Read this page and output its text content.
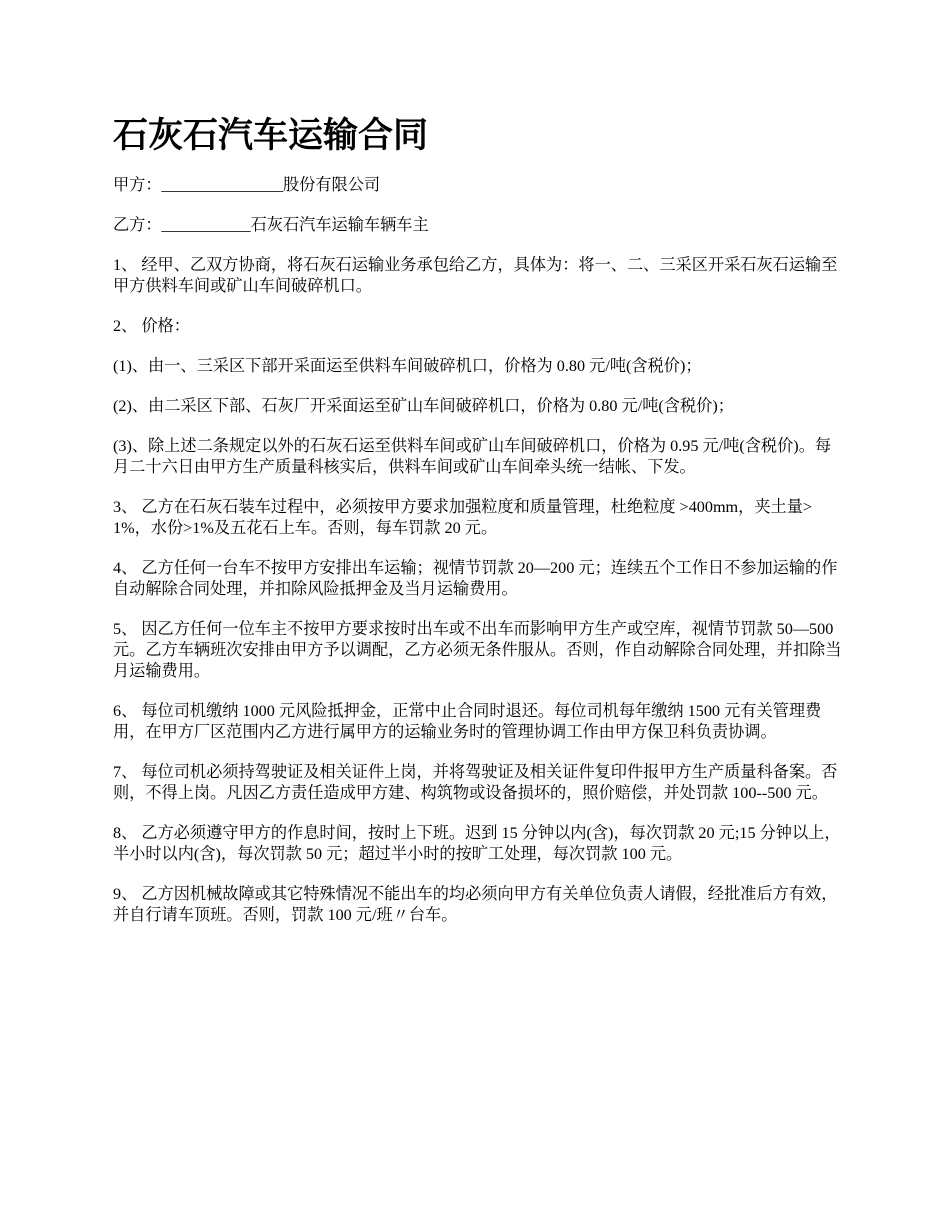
石灰石汽车运输合同

甲方：_______________股份有限公司

乙方：___________石灰石汽车运输车辆车主

1、 经甲、乙双方协商，将石灰石运输业务承包给乙方，具体为：将一、二、三采区开采石灰石运输至甲方供料车间或矿山车间破碎机口。

2、 价格：

(1)、由一、三采区下部开采面运至供料车间破碎机口，价格为 0.80 元/吨(含税价)；

(2)、由二采区下部、石灰厂开采面运至矿山车间破碎机口，价格为 0.80 元/吨(含税价)；

(3)、除上述二条规定以外的石灰石运至供料车间或矿山车间破碎机口，价格为 0.95 元/吨(含税价)。每月二十六日由甲方生产质量科核实后，供料车间或矿山车间牵头统一结帐、下发。

3、 乙方在石灰石装车过程中，必须按甲方要求加强粒度和质量管理，杜绝粒度 >400mm，夹土量>1%，水份>1%及五花石上车。否则，每车罚款 20 元。

4、 乙方任何一台车不按甲方安排出车运输；视情节罚款 20—200 元；连续五个工作日不参加运输的作自动解除合同处理，并扣除风险抵押金及当月运输费用。

5、 因乙方任何一位车主不按甲方要求按时出车或不出车而影响甲方生产或空库，视情节罚款 50—500 元。乙方车辆班次安排由甲方予以调配，乙方必须无条件服从。否则，作自动解除合同处理，并扣除当月运输费用。

6、 每位司机缴纳 1000 元风险抵押金，正常中止合同时退还。每位司机每年缴纳 1500 元有关管理费用，在甲方厂区范围内乙方进行属甲方的运输业务时的管理协调工作由甲方保卫科负责协调。

7、 每位司机必须持驾驶证及相关证件上岗，并将驾驶证及相关证件复印件报甲方生产质量科备案。否则，不得上岗。凡因乙方责任造成甲方建、构筑物或设备损坏的，照价赔偿，并处罚款 100--500 元。

8、 乙方必须遵守甲方的作息时间，按时上下班。迟到 15 分钟以内(含)，每次罚款 20 元;15 分钟以上，半小时以内(含)，每次罚款 50 元；超过半小时的按旷工处理，每次罚款 100 元。

9、 乙方因机械故障或其它特殊情况不能出车的均必须向甲方有关单位负责人请假，经批准后方有效，并自行请车顶班。否则，罚款 100 元/班〃台车。
